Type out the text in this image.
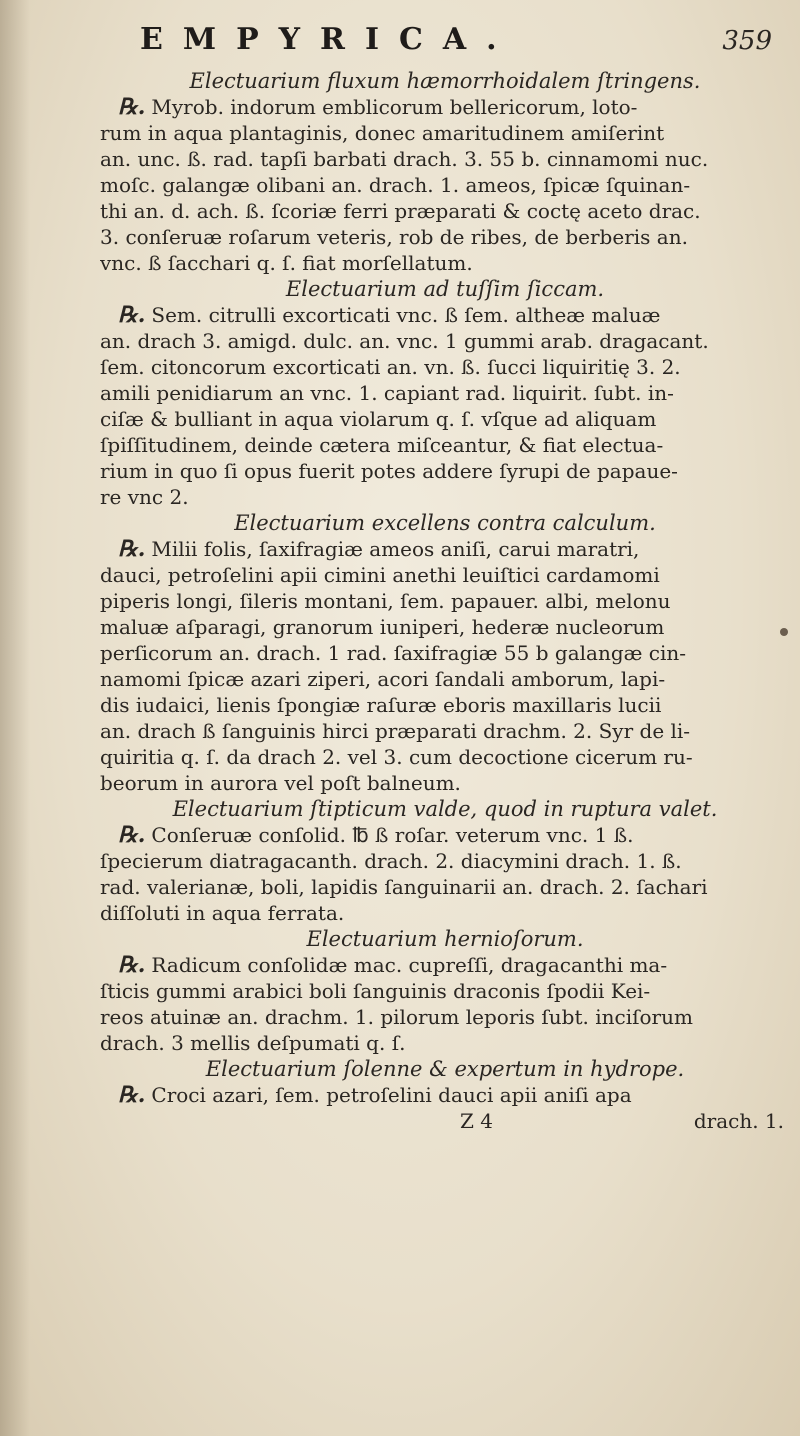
EMPYRICA.	359
Electuarium fluxum hæmorrhoidalem ſtringens.
℞. Myrob. indorum emblicorum bellericorum, loto-
rum in aqua plantaginis, donec amaritudinem amiſerint
an. unc. ß. rad. tapſi barbati drach. 3. 55 b. cinnamomi nuc.
moſc. galangæ olibani an. drach. 1. ameos, ſpicæ ſquinan-
thi an. d. ach. ß. ſcoriæ ferri præparati & coctę aceto drac.
3. conſeruæ roſarum veteris, rob de ribes, de berberis an.
vnc. ß ſacchari q. ſ. fiat morſellatum.
Electuarium ad tuſſim ſiccam.
℞. Sem. citrulli excorticati vnc. ß ſem. altheæ maluæ
an. drach 3. amigd. dulc. an. vnc. 1 gummi arab. dragacant.
ſem. citoncorum excorticati an. vn. ß. ſucci liquiritię 3. 2.
amili penidiarum an vnc. 1. capiant rad. liquirit. ſubt. in-
ciſæ & bulliant in aqua violarum q. ſ. vſque ad aliquam
ſpiſſitudinem, deinde cætera miſceantur, & fiat electua-
rium in quo ſi opus fuerit potes addere ſyrupi de papaue-
re vnc 2.
Electuarium excellens contra calculum.
℞. Milii folis, ſaxifragiæ ameos aniſi, carui maratri,
dauci, petroſelini apii cimini anethi leuiſtici cardamomi
piperis longi, ſileris montani, ſem. papauer. albi, melonu
maluæ aſparagi, granorum iuniperi, hederæ nucleorum
perſicorum an. drach. 1 rad. ſaxifragiæ 55 b galangæ cin-
namomi ſpicæ azari ziperi, acori ſandali amborum, lapi-
dis iudaici, lienis ſpongiæ raſuræ eboris maxillaris lucii
an. drach ß ſanguinis hirci præparati drachm. 2. Syr de li-
quiritia q. ſ. da drach 2. vel 3. cum decoctione cicerum ru-
beorum in aurora vel poſt balneum.
Electuarium ſtipticum valde, quod in ruptura valet.
℞. Conſeruæ conſolid. ℔ ß roſar. veterum vnc. 1 ß.
ſpecierum diatragacanth. drach. 2. diacymini drach. 1. ß.
rad. valerianæ, boli, lapidis ſanguinarii an. drach. 2. ſachari
diſſoluti in aqua ferrata.
Electuarium hernioſorum.
℞. Radicum conſolidæ mac. cupreſſi, dragacanthi ma-
ſticis gummi arabici boli ſanguinis draconis ſpodii Kei-
reos atuinæ an. drachm. 1. pilorum leporis ſubt. inciſorum
drach. 3 mellis deſpumati q. ſ.
Electuarium ſolenne & expertum in hydrope.
℞. Croci azari, ſem. petroſelini dauci apii aniſi apa
Z 4	drach. 1.
